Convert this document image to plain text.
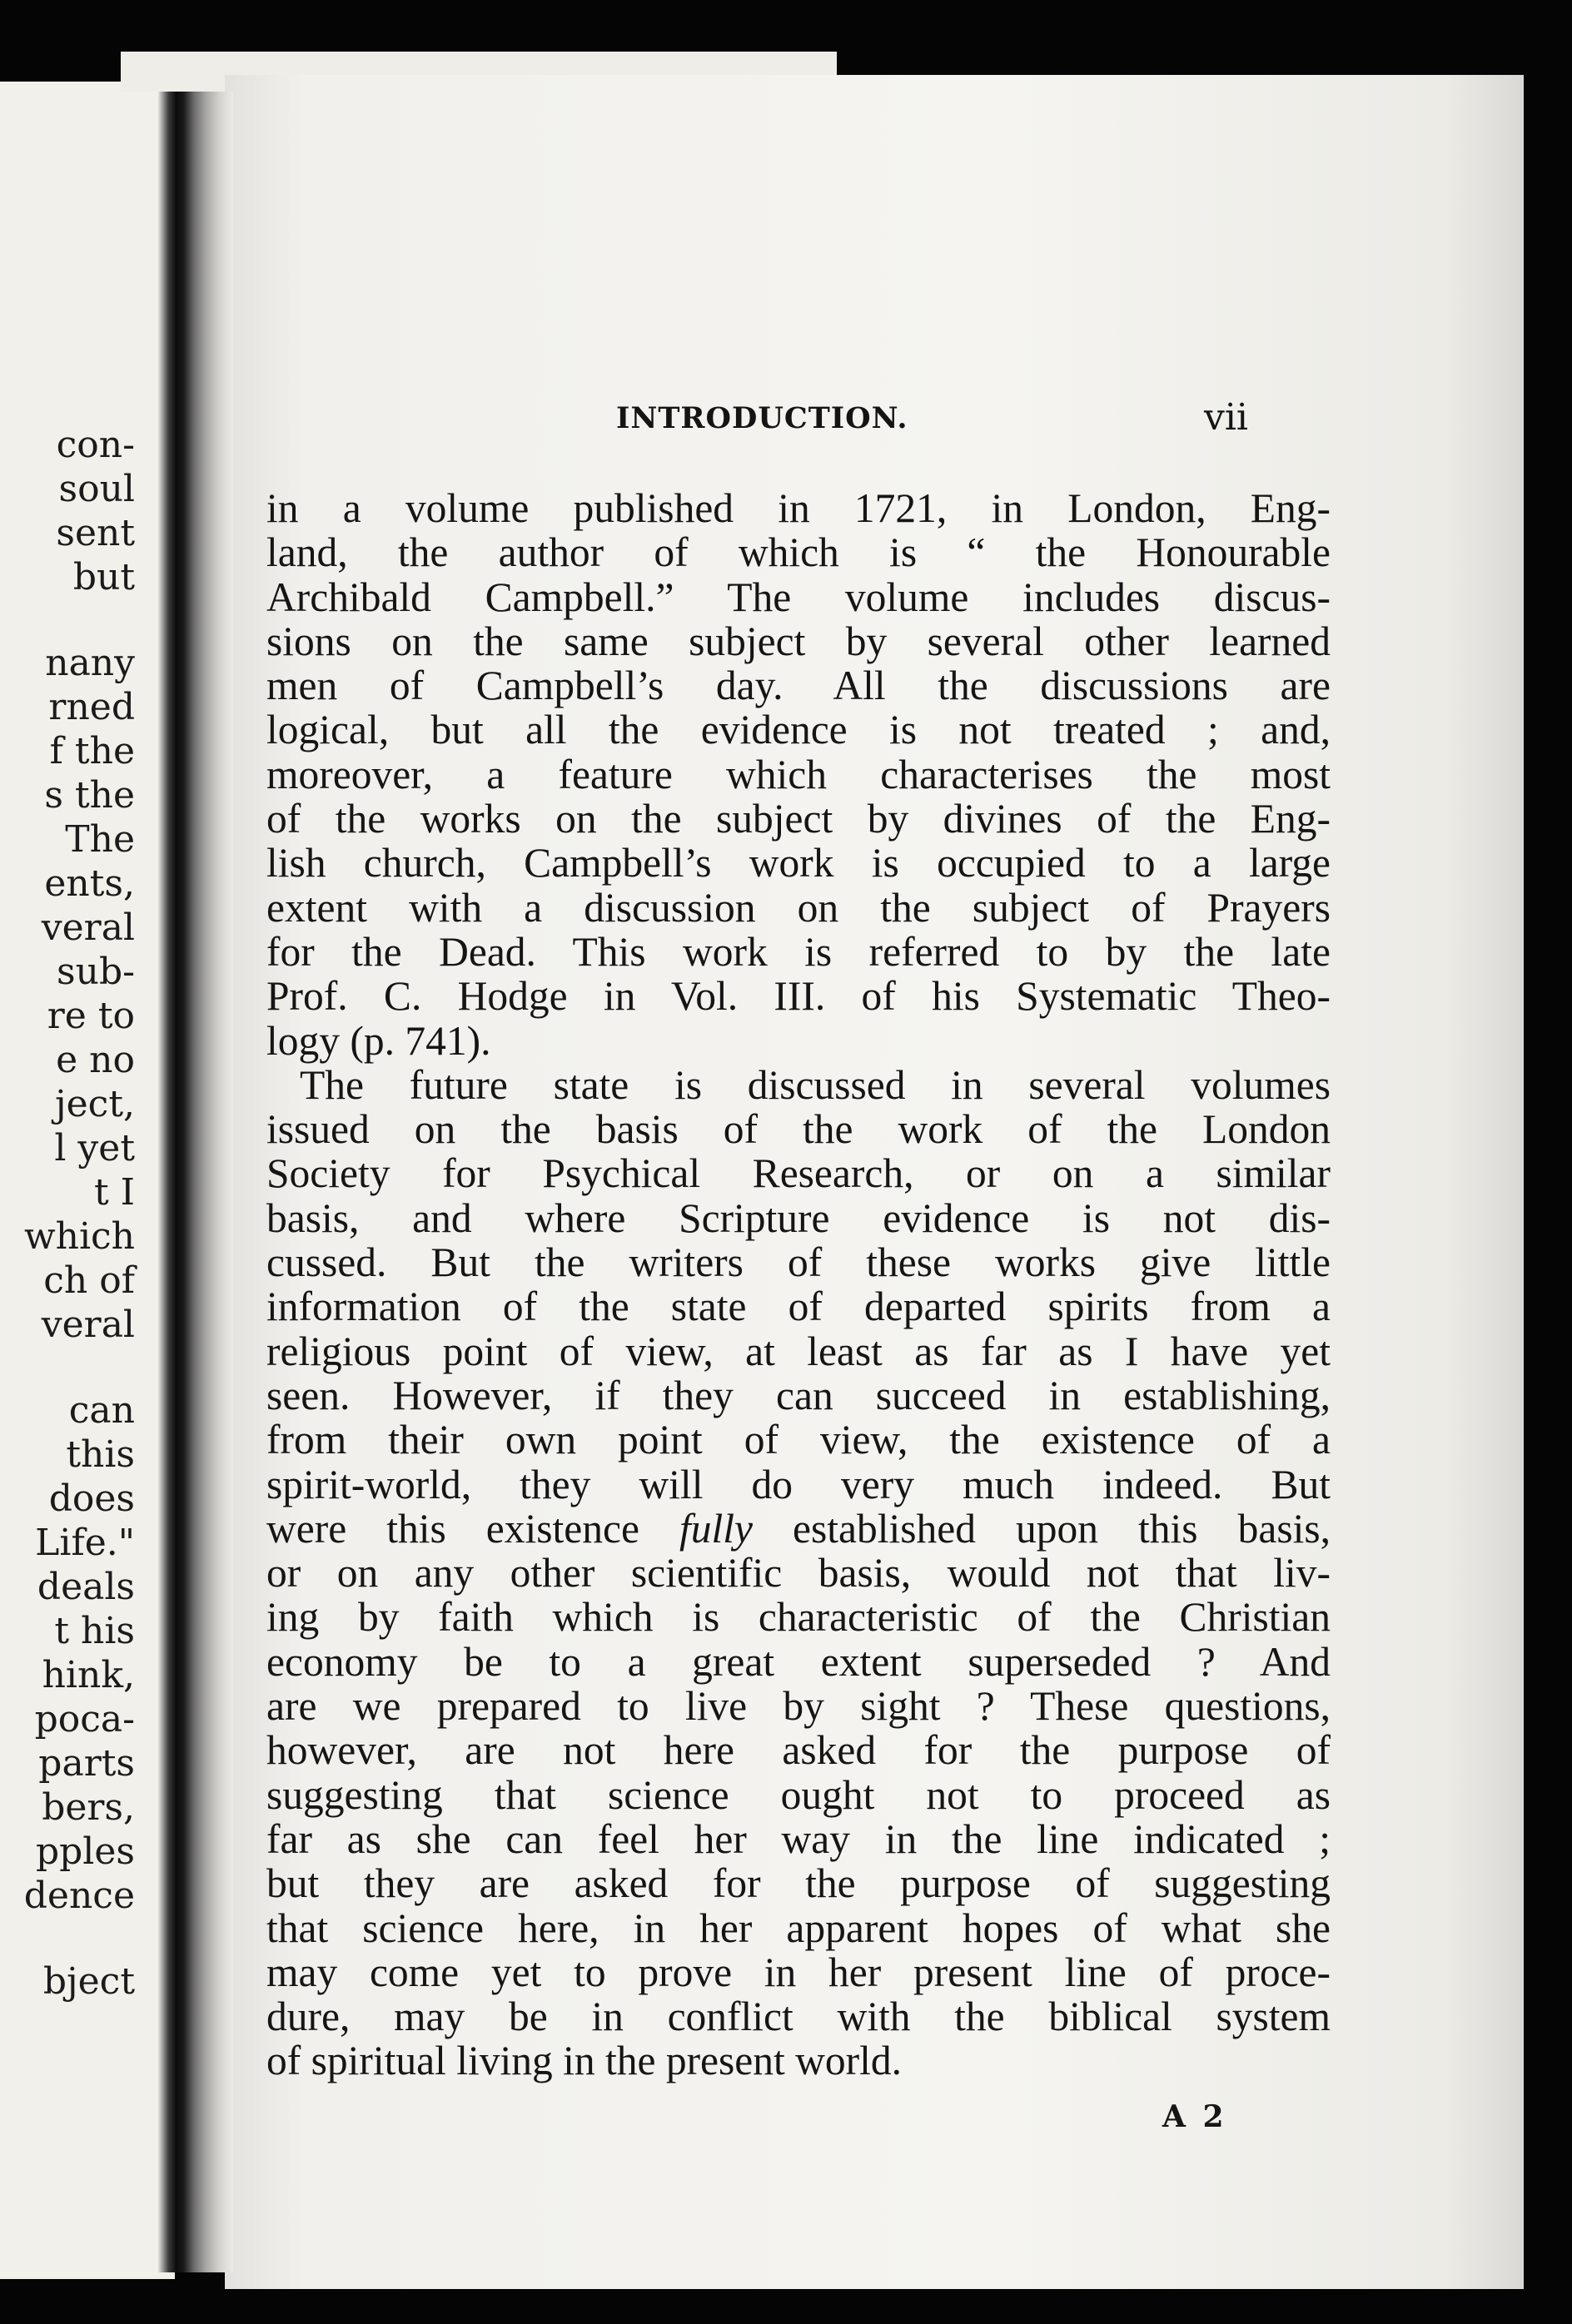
con-
soul
sent
but
nany
rned
f the
s the
The
ents,
veral
sub-
re to
e no
ject,
l yet
t I
which
ch of
veral
can
this
does
Life."
deals
t his
hink,
poca-
parts
bers,
pples
dence
bject
INTRODUCTION.	vii
in a volume published in 1721, in London, Eng-
land, the author of which is “ the Honourable
Archibald Campbell.” The volume includes discus-
sions on the same subject by several other learned
men of Campbell’s day. All the discussions are
logical, but all the evidence is not treated ; and,
moreover, a feature which characterises the most
of the works on the subject by divines of the Eng-
lish church, Campbell’s work is occupied to a large
extent with a discussion on the subject of Prayers
for the Dead. This work is referred to by the late
Prof. C. Hodge in Vol. III. of his Systematic Theo-
logy (p. 741).
The future state is discussed in several volumes
issued on the basis of the work of the London
Society for Psychical Research, or on a similar
basis, and where Scripture evidence is not dis-
cussed. But the writers of these works give little
information of the state of departed spirits from a
religious point of view, at least as far as I have yet
seen. However, if they can succeed in establishing,
from their own point of view, the existence of a
spirit-world, they will do very much indeed. But
were this existence fully established upon this basis,
or on any other scientific basis, would not that liv-
ing by faith which is characteristic of the Christian
economy be to a great extent superseded ? And
are we prepared to live by sight ? These questions,
however, are not here asked for the purpose of
suggesting that science ought not to proceed as
far as she can feel her way in the line indicated ;
but they are asked for the purpose of suggesting
that science here, in her apparent hopes of what she
may come yet to prove in her present line of proce-
dure, may be in conflict with the biblical system
of spiritual living in the present world.
A 2
